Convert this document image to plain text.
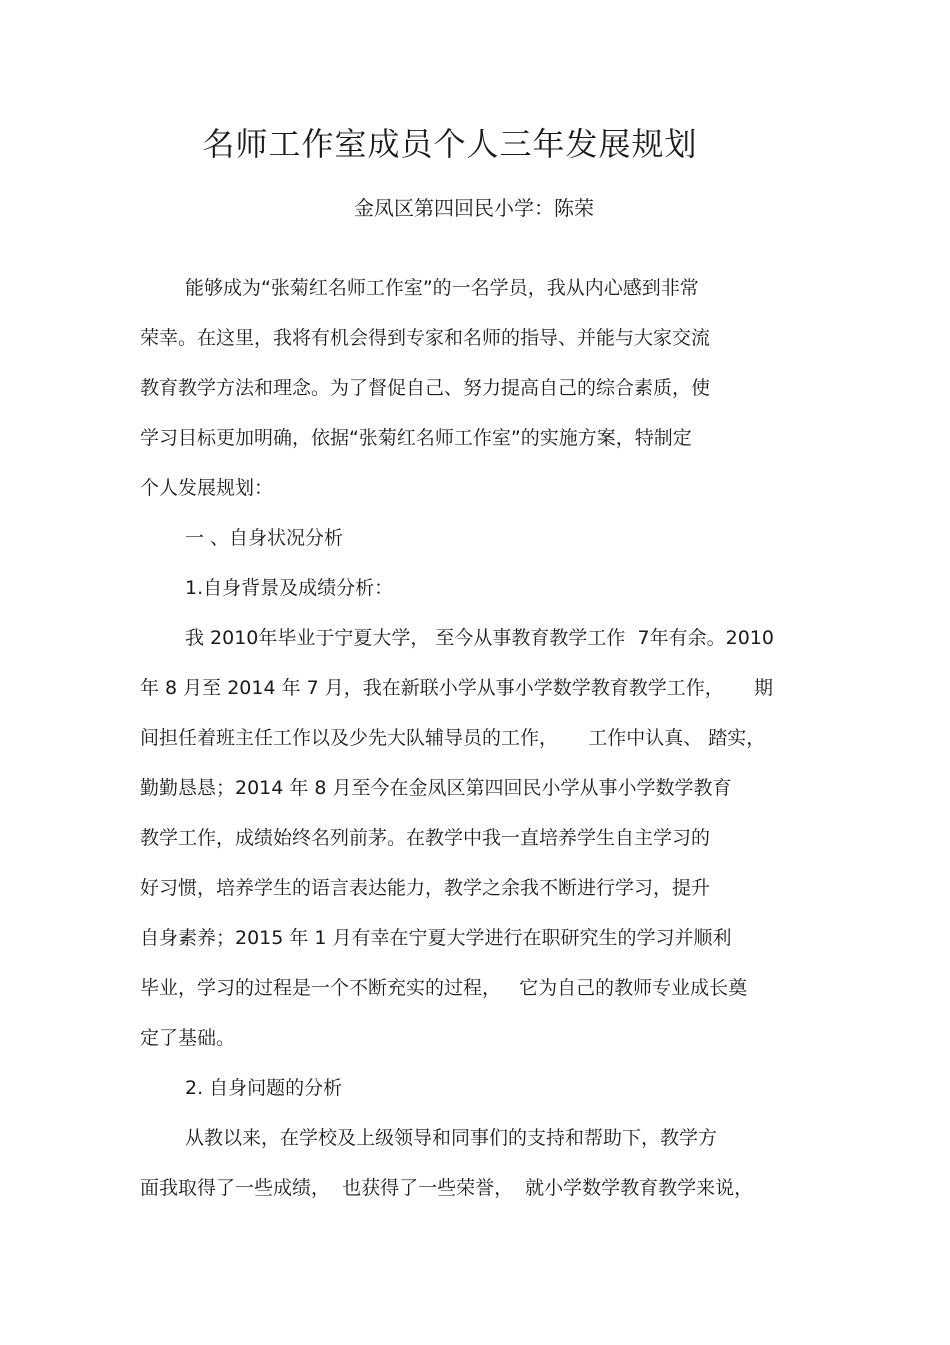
名师工作室成员个人三年发展规划
金凤区第四回民小学：陈荣
能够成为“张菊红名师工作室”的一名学员，我从内心感到非常
荣幸。在这里，我将有机会得到专家和名师的指导、并能与大家交流
教育教学方法和理念。为了督促自己、努力提高自己的综合素质，使
学习目标更加明确，依据“张菊红名师工作室”的实施方案，特制定
个人发展规划：
一 、自身状况分析
1.自身背景及成绩分析：
我 2010年毕业于宁夏大学， 至今从事教育教学工作  7年有余。2010
年 8 月至 2014 年 7 月，我在新联小学从事小学数学教育教学工作，     期
间担任着班主任工作以及少先大队辅导员的工作，     工作中认真、 踏实，
勤勤恳恳；2014 年 8 月至今在金凤区第四回民小学从事小学数学教育
教学工作，成绩始终名列前茅。在教学中我一直培养学生自主学习的
好习惯，培养学生的语言表达能力，教学之余我不断进行学习，提升
自身素养；2015 年 1 月有幸在宁夏大学进行在职研究生的学习并顺利
毕业，学习的过程是一个不断充实的过程，   它为自己的教师专业成长奠
定了基础。
2. 自身问题的分析
从教以来，在学校及上级领导和同事们的支持和帮助下，教学方
面我取得了一些成绩，  也获得了一些荣誉，  就小学数学教育教学来说，
